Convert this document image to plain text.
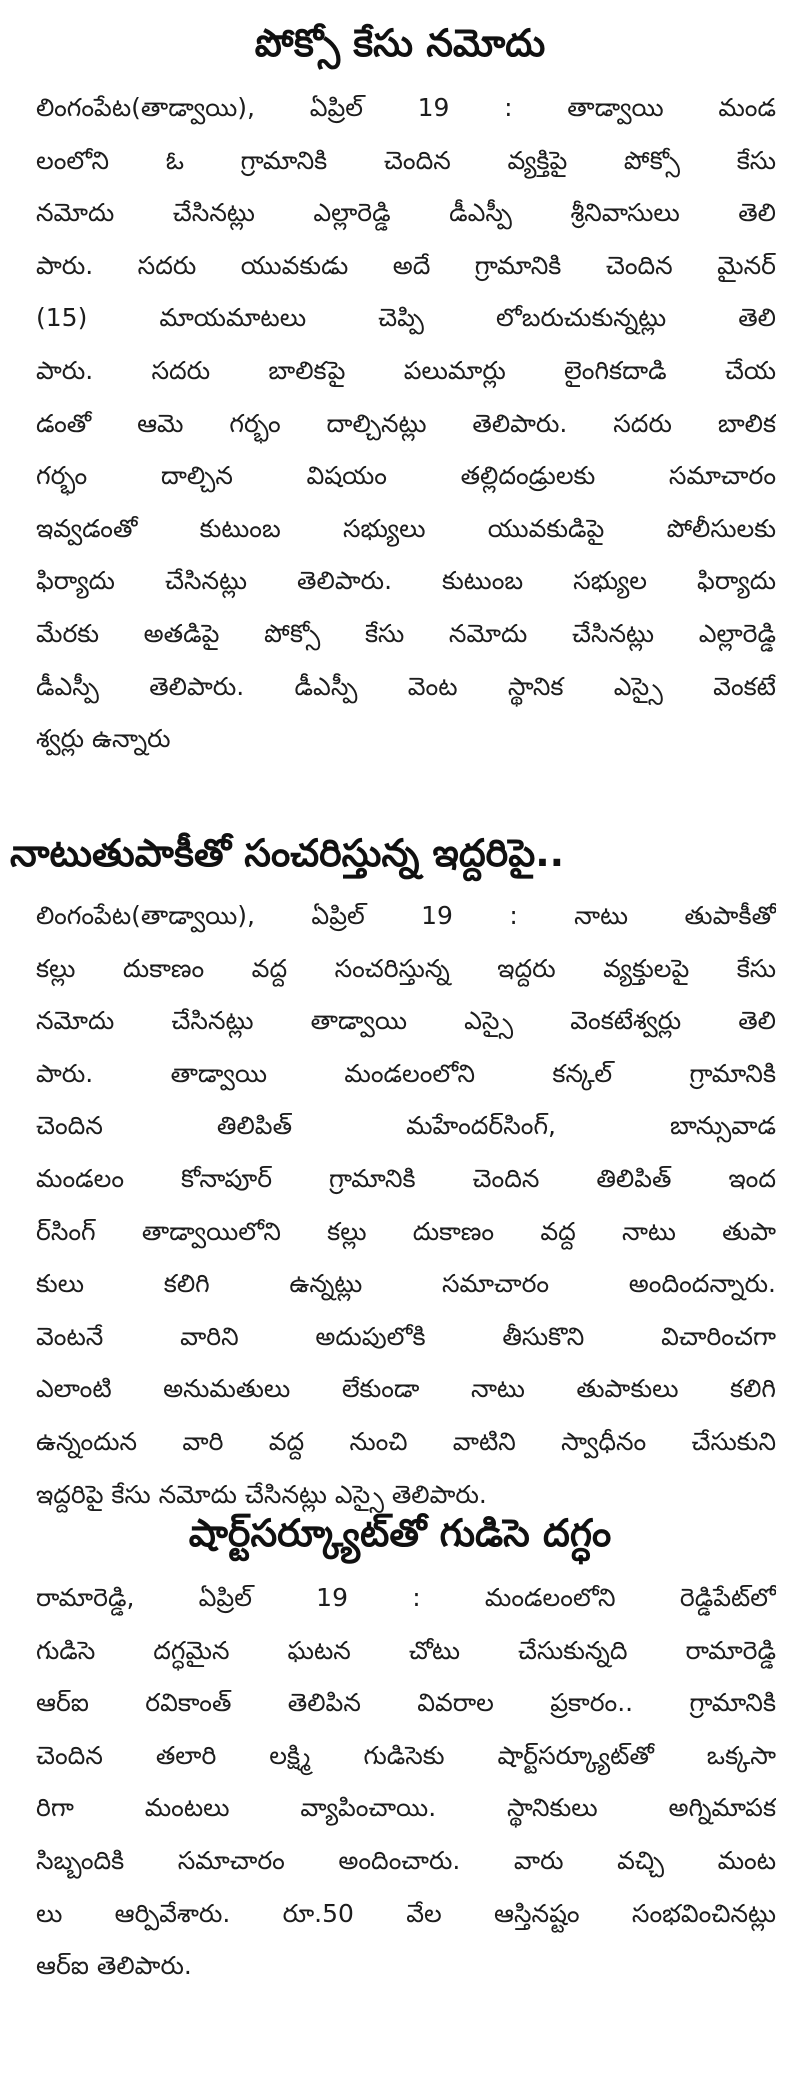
పోక్సో కేసు నమోదు
లింగంపేట(తాడ్వాయి), ఏప్రిల్ 19 : తాడ్వాయి మండ
లంలోని ఓ గ్రామానికి చెందిన వ్యక్తిపై పోక్సో కేసు
నమోదు చేసినట్లు ఎల్లారెడ్డి డీఎస్పీ శ్రీనివాసులు తెలి
పారు. సదరు యువకుడు అదే గ్రామానికి చెందిన మైనర్
(15) మాయమాటలు చెప్పి లోబరుచుకున్నట్లు తెలి
పారు. సదరు బాలికపై పలుమార్లు లైంగికదాడి చేయ
డంతో ఆమె గర్భం దాల్చినట్లు తెలిపారు. సదరు బాలిక
గర్భం దాల్చిన విషయం తల్లిదండ్రులకు సమాచారం
ఇవ్వడంతో కుటుంబ సభ్యులు యువకుడిపై పోలీసులకు
ఫిర్యాదు చేసినట్లు తెలిపారు. కుటుంబ సభ్యుల ఫిర్యాదు
మేరకు అతడిపై పోక్సో కేసు నమోదు చేసినట్లు ఎల్లారెడ్డి
డీఎస్పీ తెలిపారు. డీఎస్పీ వెంట స్థానిక ఎస్సై వెంకటే
శ్వర్లు ఉన్నారు
నాటుతుపాకీతో సంచరిస్తున్న ఇద్దరిపై..
లింగంపేట(తాడ్వాయి), ఏప్రిల్ 19 : నాటు తుపాకీతో
కల్లు దుకాణం వద్ద సంచరిస్తున్న ఇద్దరు వ్యక్తులపై కేసు
నమోదు చేసినట్లు తాడ్వాయి ఎస్సై వెంకటేశ్వర్లు తెలి
పారు. తాడ్వాయి మండలంలోని కన్కల్ గ్రామానికి
చెందిన తిలిపిత్ మహేందర్‌సింగ్, బాన్సువాడ
మండలం కోనాపూర్ గ్రామానికి చెందిన తిలిపిత్ ఇంద
ర్‌సింగ్ తాడ్వాయిలోని కల్లు దుకాణం వద్ద నాటు తుపా
కులు కలిగి ఉన్నట్లు సమాచారం అందిందన్నారు.
వెంటనే వారిని అదుపులోకి తీసుకొని విచారించగా
ఎలాంటి అనుమతులు లేకుండా నాటు తుపాకులు కలిగి
ఉన్నందున వారి వద్ద నుంచి వాటిని స్వాధీనం చేసుకుని
ఇద్దరిపై కేసు నమోదు చేసినట్లు ఎస్సై తెలిపారు.
షార్ట్‌సర్క్యూట్‌తో గుడిసె దగ్ధం
రామారెడ్డి, ఏప్రిల్ 19 : మండలంలోని రెడ్డిపేట్‌లో
గుడిసె దగ్ధమైన ఘటన చోటు చేసుకున్నది రామారెడ్డి
ఆర్ఐ రవికాంత్ తెలిపిన వివరాల ప్రకారం.. గ్రామానికి
చెందిన తలారి లక్ష్మి గుడిసెకు షార్ట్‌సర్క్యూట్‌తో ఒక్కసా
రిగా మంటలు వ్యాపించాయి. స్థానికులు అగ్నిమాపక
సిబ్బందికి సమాచారం అందించారు. వారు వచ్చి మంట
లు ఆర్పివేశారు. రూ.50 వేల ఆస్తినష్టం సంభవించినట్లు
ఆర్ఐ తెలిపారు.
